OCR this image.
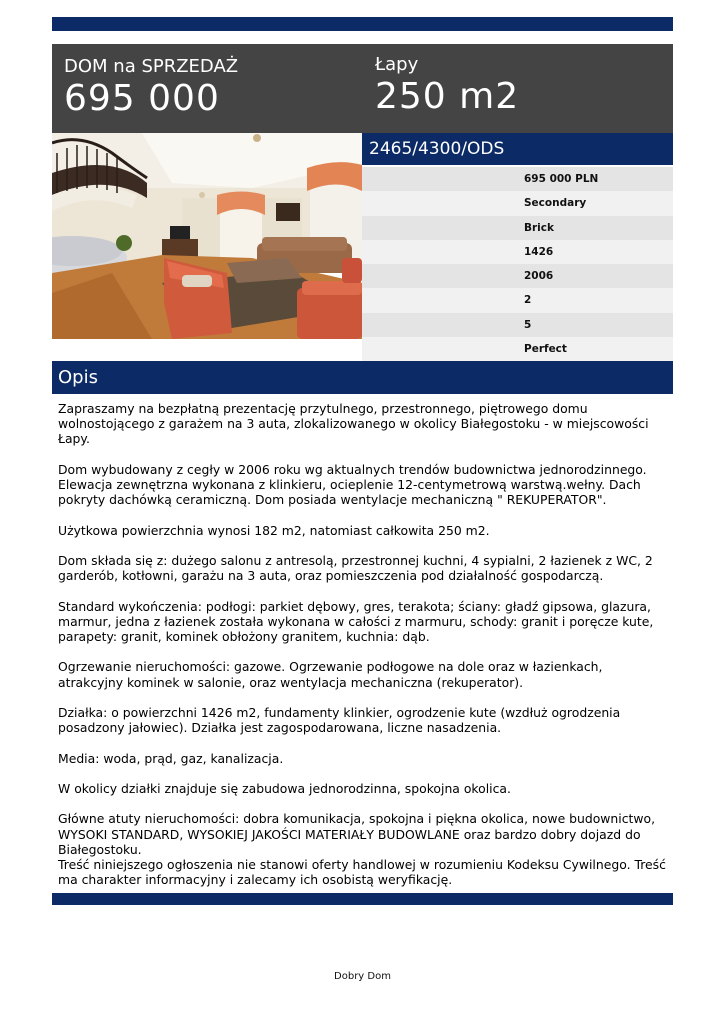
DOM na SPRZEDAŻ
695 000
Łapy
250 m2
2465/4300/ODS
695 000 PLN
Secondary
Brick
1426
2006
2
5
Perfect
Opis

Zapraszamy na bezpłatną prezentację przytulnego, przestronnego, piętrowego domu wolnostojącego z garażem na 3 auta, zlokalizowanego w okolicy Białegostoku - w miejscowości Łapy.

Dom wybudowany z cegły w 2006 roku wg aktualnych trendów budownictwa jednorodzinnego. Elewacja zewnętrzna wykonana z klinkieru, ocieplenie 12-centymetrową warstwą.wełny. Dach pokryty dachówką ceramiczną. Dom posiada wentylacje mechaniczną " REKUPERATOR".

Użytkowa powierzchnia wynosi 182 m2, natomiast całkowita 250 m2.

Dom składa się z: dużego salonu z antresolą, przestronnej kuchni, 4 sypialni, 2 łazienek z WC, 2 garderób, kotłowni, garażu na 3 auta, oraz pomieszczenia pod działalność gospodarczą.

Standard wykończenia: podłogi: parkiet dębowy, gres, terakota; ściany: gładź gipsowa, glazura, marmur, jedna z łazienek została wykonana w całości z marmuru, schody: granit i poręcze kute, parapety: granit, kominek obłożony granitem, kuchnia: dąb.

Ogrzewanie nieruchomości: gazowe. Ogrzewanie podłogowe na dole oraz w łazienkach, atrakcyjny kominek w salonie, oraz wentylacja mechaniczna (rekuperator).

Działka: o powierzchni 1426 m2, fundamenty klinkier, ogrodzenie kute (wzdłuż ogrodzenia posadzony jałowiec). Działka jest zagospodarowana, liczne nasadzenia.

Media: woda, prąd, gaz, kanalizacja.

W okolicy działki znajduje się zabudowa jednorodzinna, spokojna okolica.

Główne atuty nieruchomości: dobra komunikacja, spokojna i piękna okolica, nowe budownictwo, WYSOKI STANDARD, WYSOKIEJ JAKOŚCI MATERIAŁY BUDOWLANE oraz bardzo dobry dojazd do Białegostoku.

Treść niniejszego ogłoszenia nie stanowi oferty handlowej w rozumieniu Kodeksu Cywilnego. Treść ma charakter informacyjny i zalecamy ich osobistą weryfikację.

Dobry Dom
